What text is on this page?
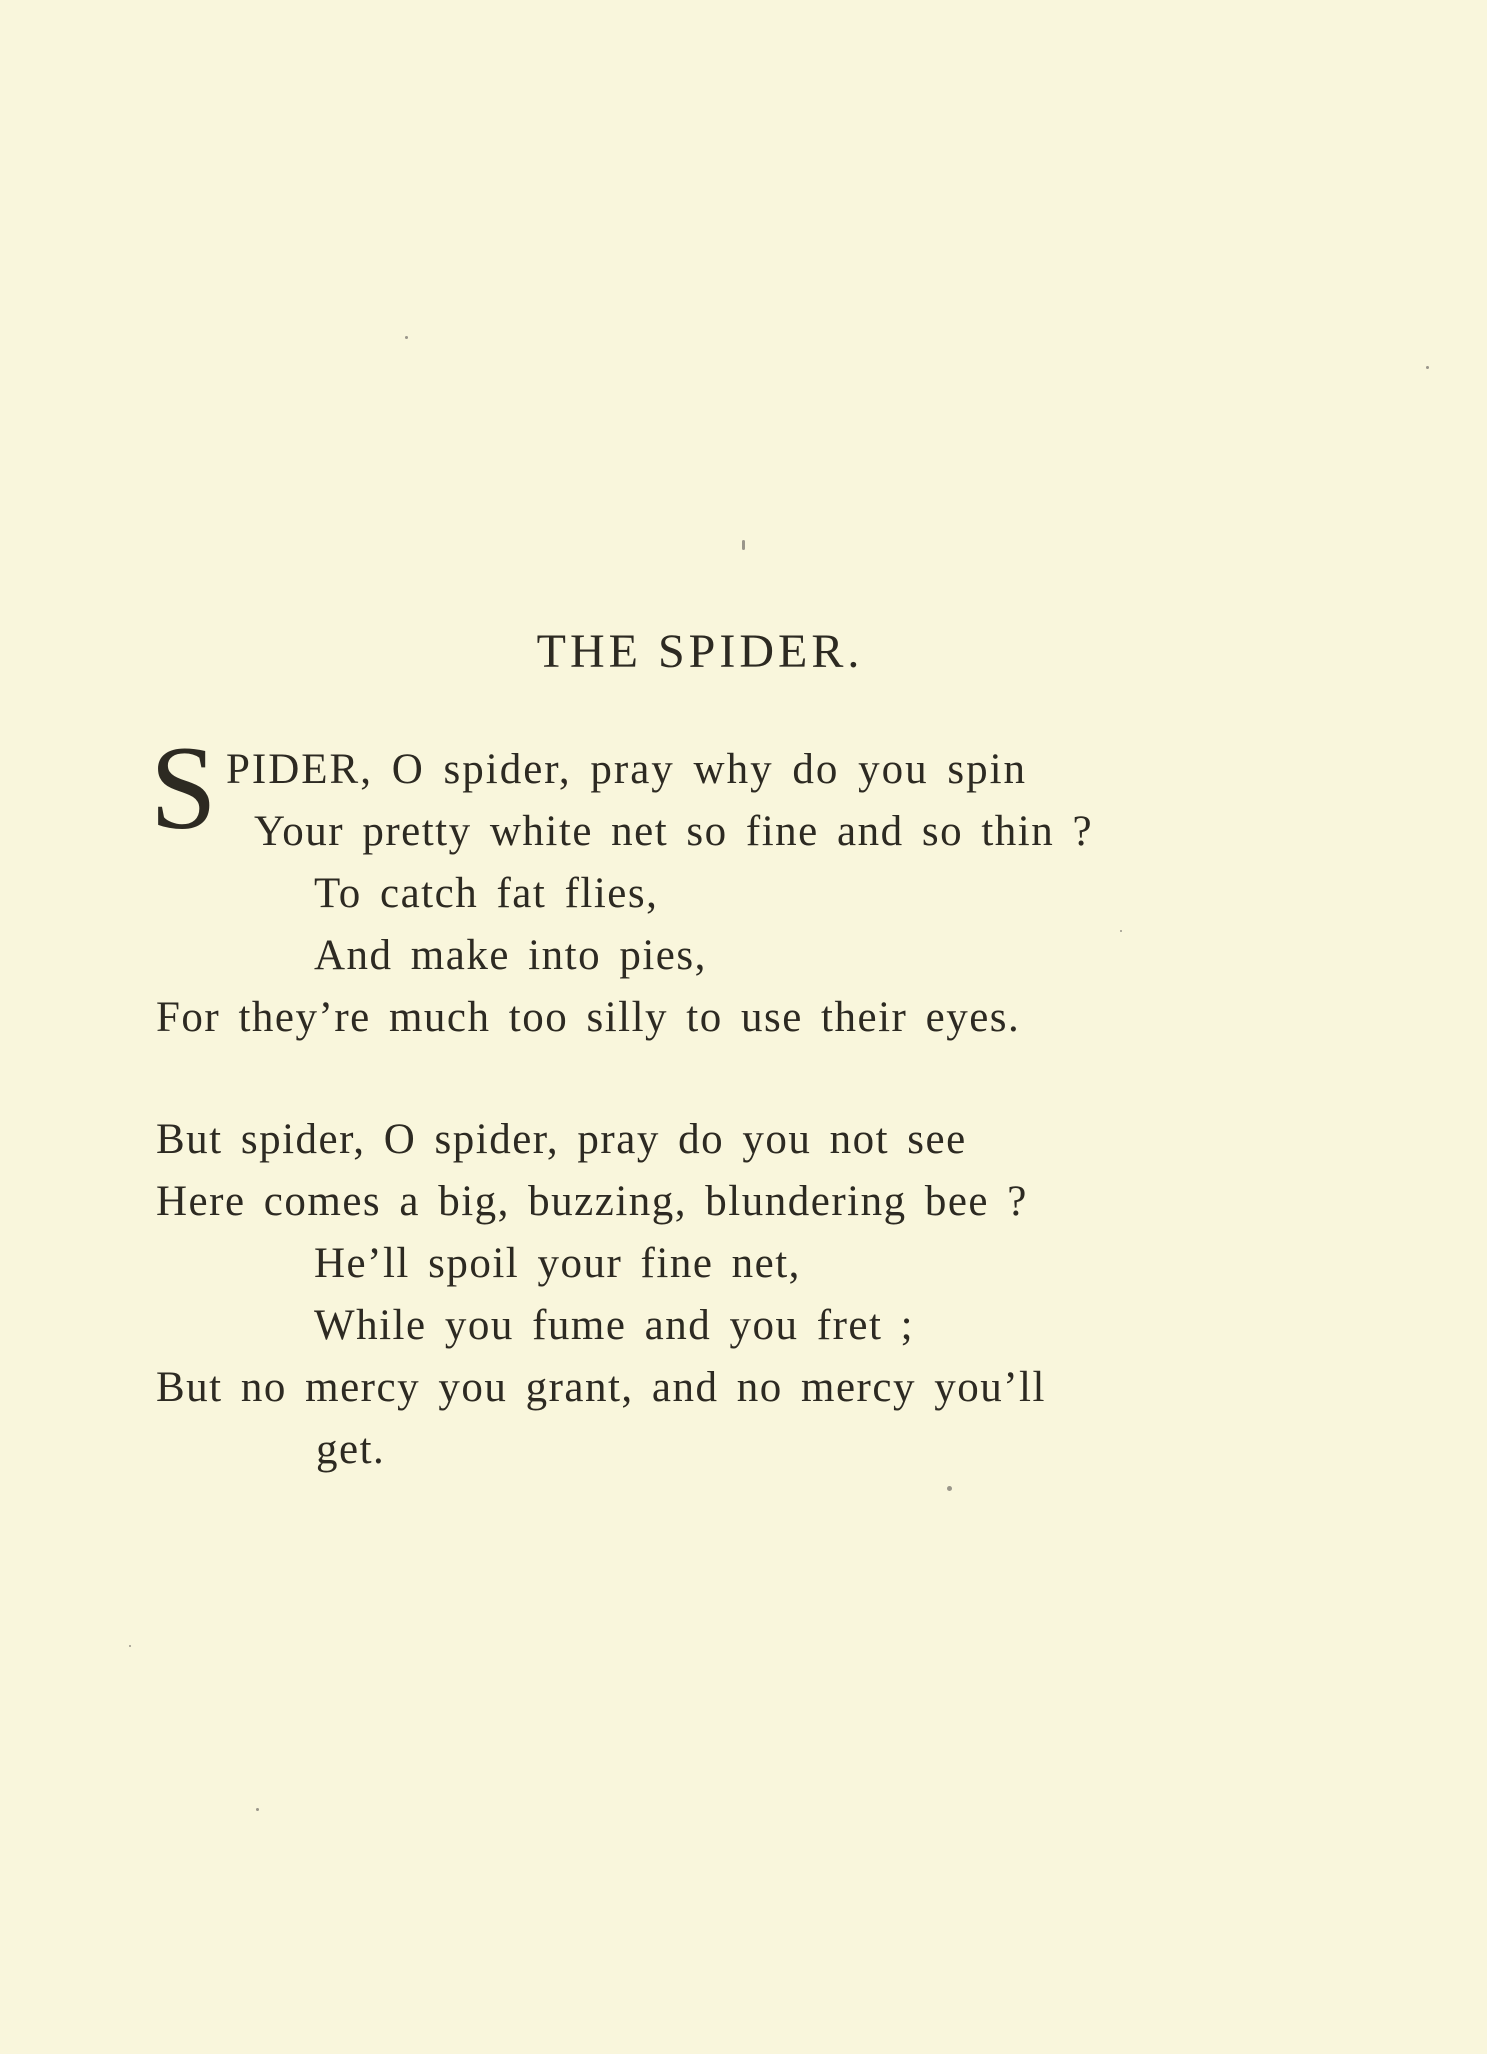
THE SPIDER.
S PIDER, O spider, pray why do you spin
Your pretty white net so fine and so thin ?
To catch fat flies,
And make into pies,
For they’re much too silly to use their eyes.
But spider, O spider, pray do you not see
Here comes a big, buzzing, blundering bee ?
He’ll spoil your fine net,
While you fume and you fret ;
But no mercy you grant, and no mercy you’ll
get.
